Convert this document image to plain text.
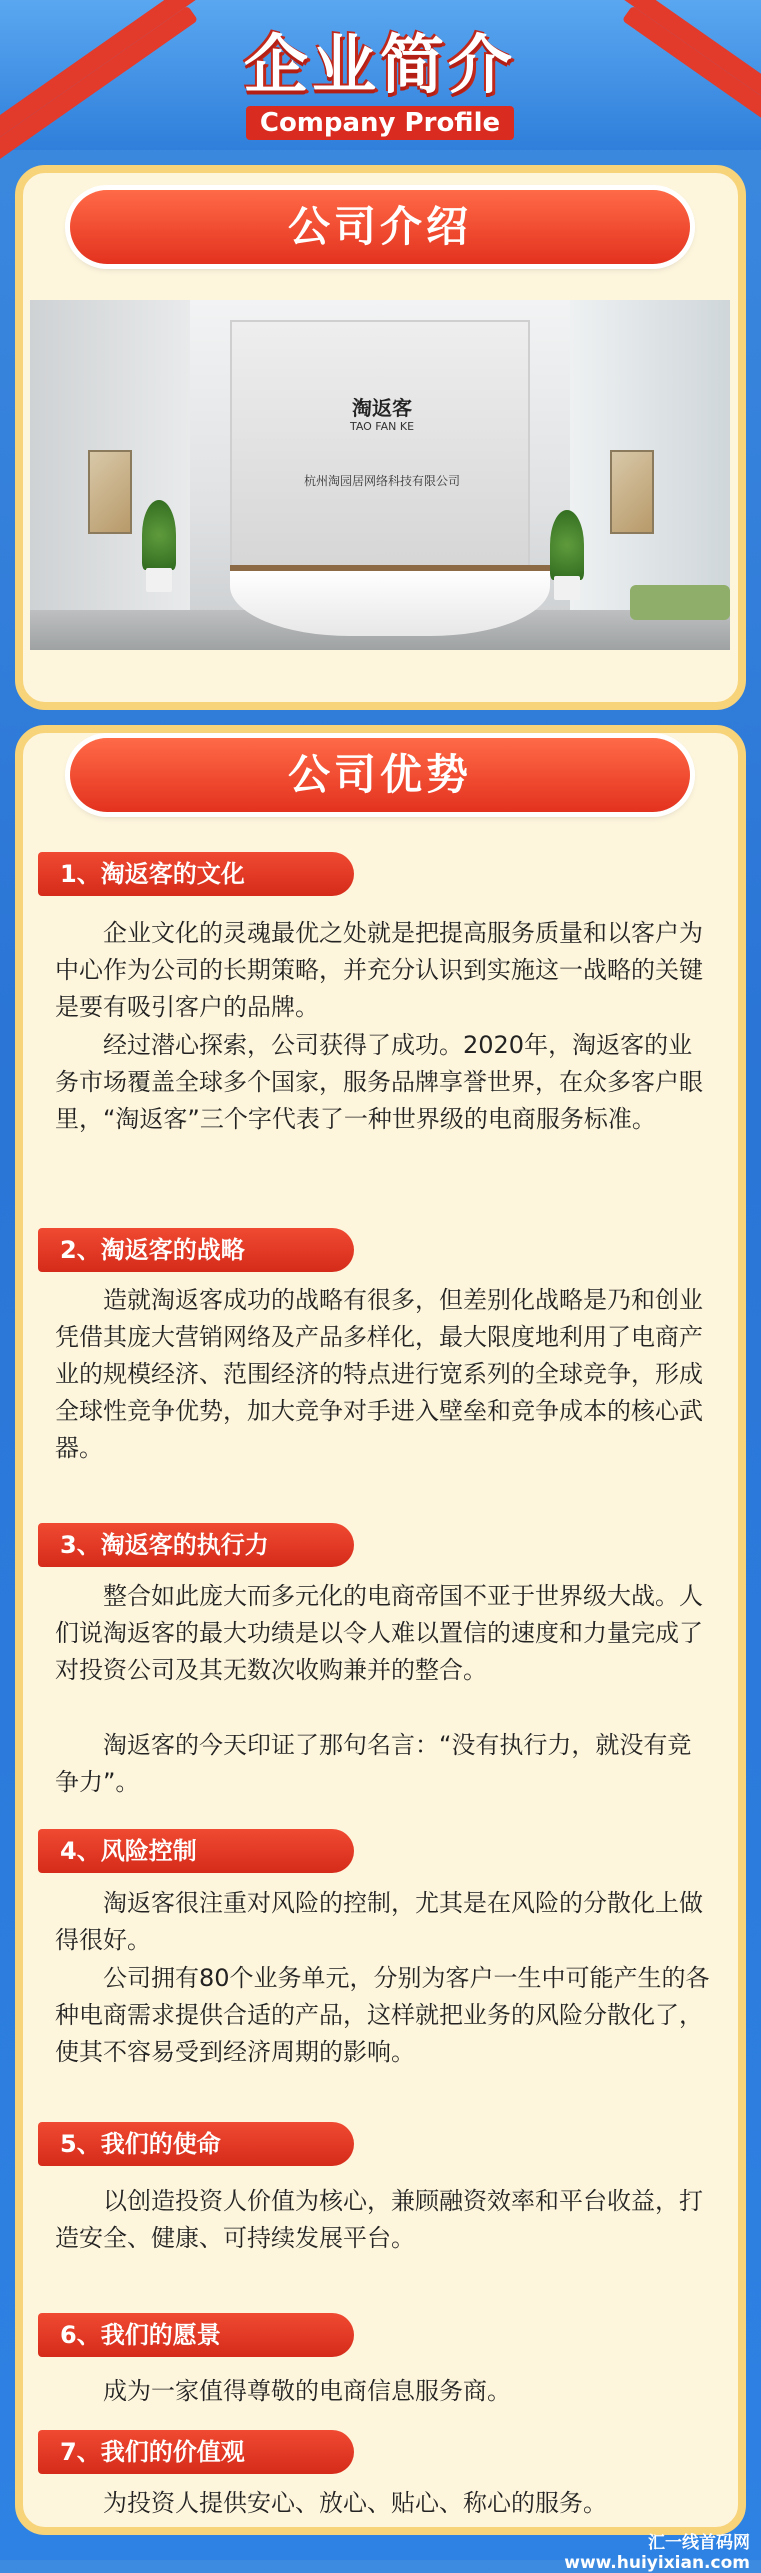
企业简介
Company Profile
公司介绍
淘返客
TAO FAN KE
杭州淘园居网络科技有限公司
公司优势
1、淘返客的文化

企业文化的灵魂最优之处就是把提高服务质量和以客户为中心作为公司的长期策略，并充分认识到实施这一战略的关键是要有吸引客户的品牌。

经过潜心探索，公司获得了成功。2020年，淘返客的业务市场覆盖全球多个国家，服务品牌享誉世界，在众多客户眼里，“淘返客”三个字代表了一种世界级的电商服务标准。

2、淘返客的战略

造就淘返客成功的战略有很多，但差别化战略是乃和创业凭借其庞大营销网络及产品多样化，最大限度地利用了电商产业的规模经济、范围经济的特点进行宽系列的全球竞争，形成全球性竞争优势，加大竞争对手进入壁垒和竞争成本的核心武器。

3、淘返客的执行力

整合如此庞大而多元化的电商帝国不亚于世界级大战。人们说淘返客的最大功绩是以令人难以置信的速度和力量完成了对投资公司及其无数次收购兼并的整合。

淘返客的今天印证了那句名言：“没有执行力，就没有竞争力”。

4、风险控制

淘返客很注重对风险的控制，尤其是在风险的分散化上做得很好。

公司拥有80个业务单元，分别为客户一生中可能产生的各种电商需求提供合适的产品，这样就把业务的风险分散化了，使其不容易受到经济周期的影响。

5、我们的使命

以创造投资人价值为核心，兼顾融资效率和平台收益，打造安全、健康、可持续发展平台。

6、我们的愿景

成为一家值得尊敬的电商信息服务商。

7、我们的价值观

为投资人提供安心、放心、贴心、称心的服务。

汇一线首码网 www.huiyixian.com
